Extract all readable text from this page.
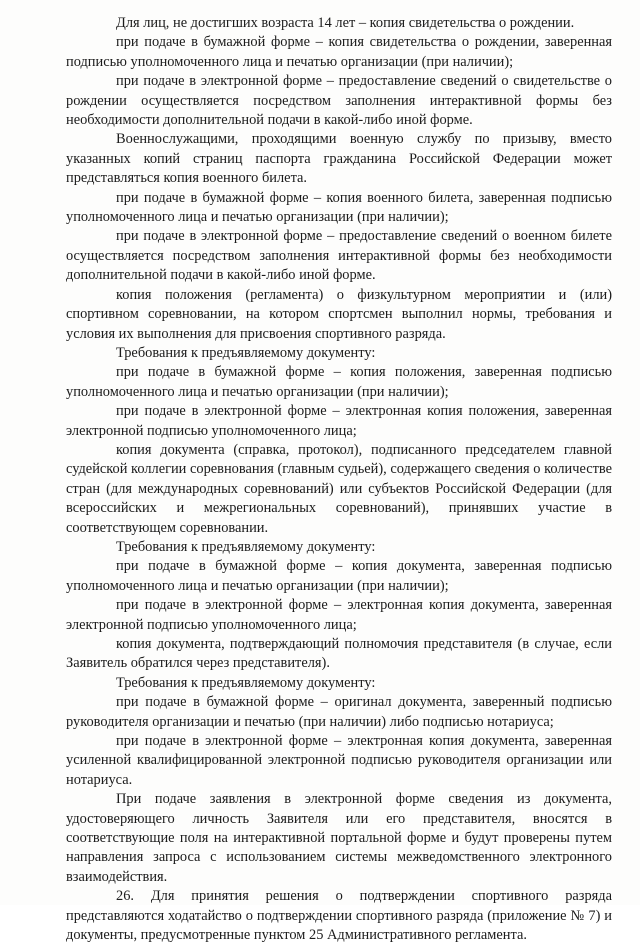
Для лиц, не достигших возраста 14 лет – копия свидетельства о рождении.

при подаче в бумажной форме – копия свидетельства о рождении, заверенная подписью уполномоченного лица и печатью организации (при наличии);

при подаче в электронной форме – предоставление сведений о свидетельстве о рождении осуществляется посредством заполнения интерактивной формы без необходимости дополнительной подачи в какой-либо иной форме.

Военнослужащими, проходящими военную службу по призыву, вместо указанных копий страниц паспорта гражданина Российской Федерации может представляться копия военного билета.

при подаче в бумажной форме – копия военного билета, заверенная подписью уполномоченного лица и печатью организации (при наличии);

при подаче в электронной форме – предоставление сведений о военном билете осуществляется посредством заполнения интерактивной формы без необходимости дополнительной подачи в какой-либо иной форме.

копия положения (регламента) о физкультурном мероприятии и (или) спортивном соревновании, на котором спортсмен выполнил нормы, требования и условия их выполнения для присвоения спортивного разряда.

Требования к предъявляемому документу:

при подаче в бумажной форме – копия положения, заверенная подписью уполномоченного лица и печатью организации (при наличии);

при подаче в электронной форме – электронная копия положения, заверенная электронной подписью уполномоченного лица;

копия документа (справка, протокол), подписанного председателем главной судейской коллегии соревнования (главным судьей), содержащего сведения о количестве стран (для международных соревнований) или субъектов Российской Федерации (для всероссийских и межрегиональных соревнований), принявших участие в соответствующем соревновании.

Требования к предъявляемому документу:

при подаче в бумажной форме – копия документа, заверенная подписью уполномоченного лица и печатью организации (при наличии);

при подаче в электронной форме – электронная копия документа, заверенная электронной подписью уполномоченного лица;

копия документа, подтверждающий полномочия представителя (в случае, если Заявитель обратился через представителя).

Требования к предъявляемому документу:

при подаче в бумажной форме – оригинал документа, заверенный подписью руководителя организации и печатью (при наличии) либо подписью нотариуса;

при подаче в электронной форме – электронная копия документа, заверенная усиленной квалифицированной электронной подписью руководителя организации или нотариуса.

При подаче заявления в электронной форме сведения из документа, удостоверяющего личность Заявителя или его представителя, вносятся в соответствующие поля на интерактивной портальной форме и будут проверены путем направления запроса с использованием системы межведомственного электронного взаимодействия.

26. Для принятия решения о подтверждении спортивного разряда представляются ходатайство о подтверждении спортивного разряда (приложение № 7) и документы, предусмотренные пунктом 25 Административного регламента.
